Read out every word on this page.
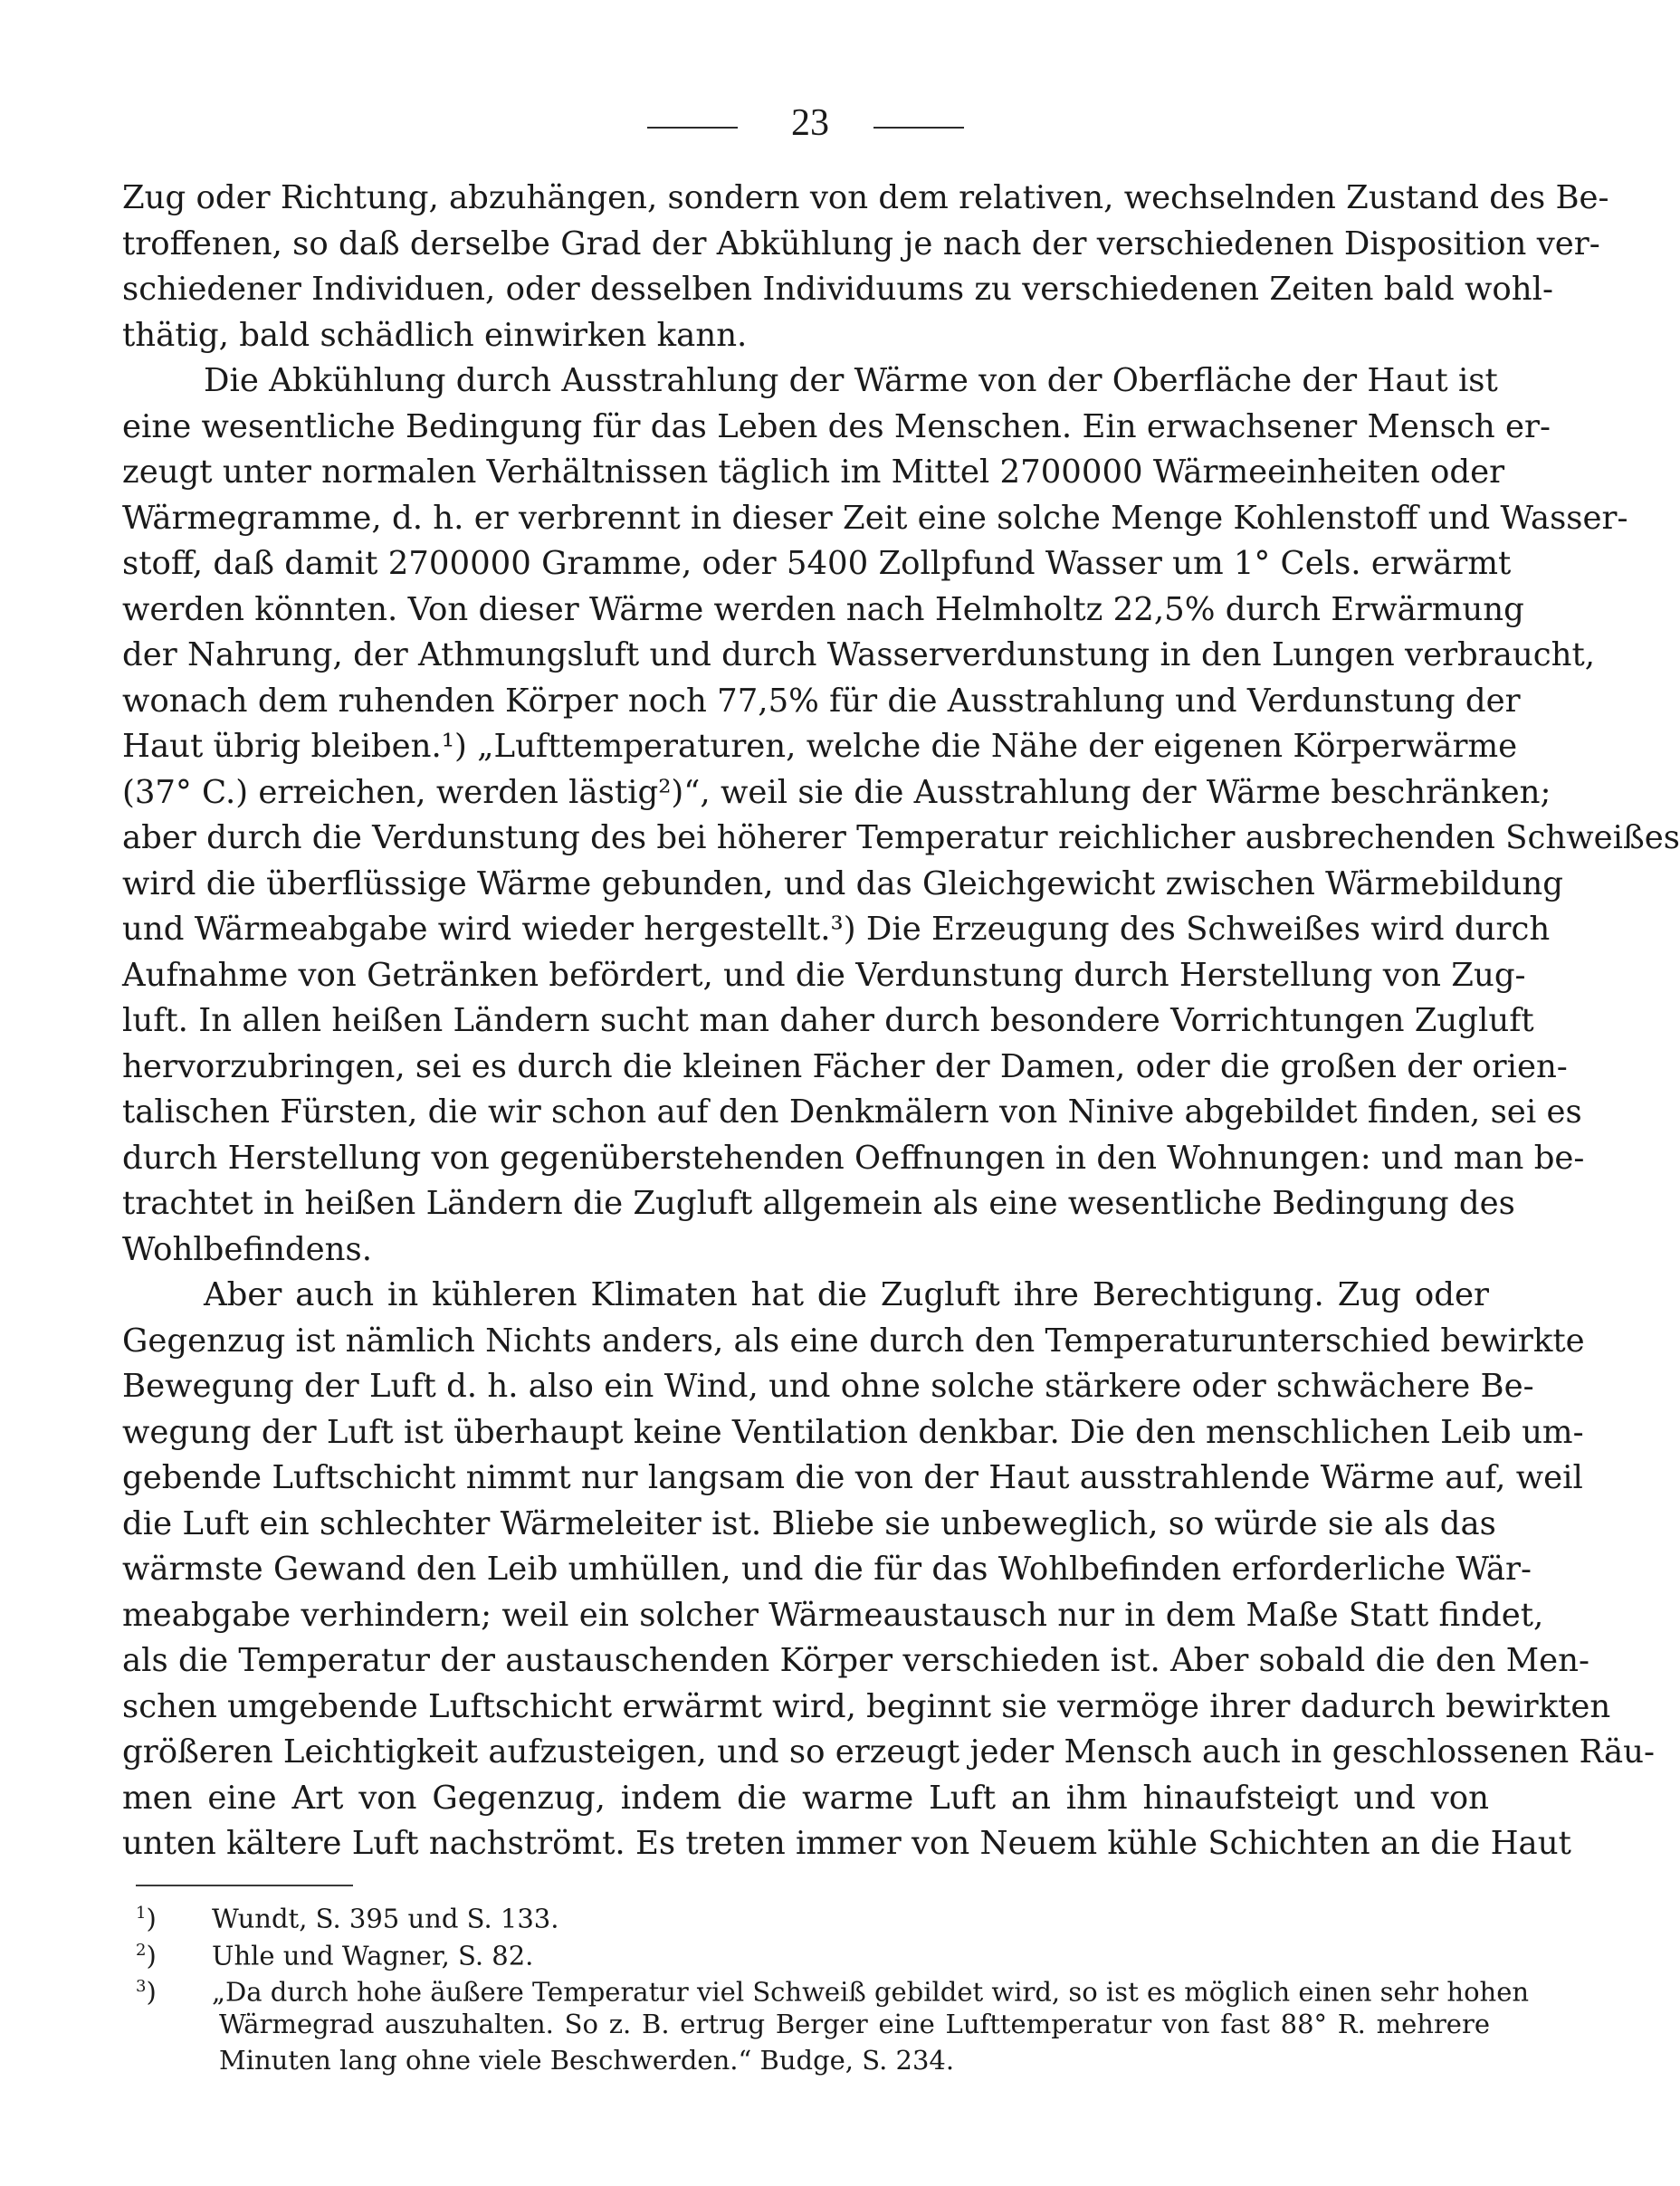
23
Zug oder Richtung, abzuhängen, sondern von dem relativen, wechselnden Zustand des Be-
troffenen, so daß derselbe Grad der Abkühlung je nach der verschiedenen Disposition ver-
schiedener Individuen, oder desselben Individuums zu verschiedenen Zeiten bald wohl-
thätig, bald schädlich einwirken kann.
Die Abkühlung durch Ausstrahlung der Wärme von der Oberfläche der Haut ist
eine wesentliche Bedingung für das Leben des Menschen. Ein erwachsener Mensch er-
zeugt unter normalen Verhältnissen täglich im Mittel 2700000 Wärmeeinheiten oder
Wärmegramme, d. h. er verbrennt in dieser Zeit eine solche Menge Kohlenstoff und Wasser-
stoff, daß damit 2700000 Gramme, oder 5400 Zollpfund Wasser um 1° Cels. erwärmt
werden könnten. Von dieser Wärme werden nach Helmholtz 22,5% durch Erwärmung
der Nahrung, der Athmungsluft und durch Wasserverdunstung in den Lungen verbraucht,
wonach dem ruhenden Körper noch 77,5% für die Ausstrahlung und Verdunstung der
Haut übrig bleiben.¹) „Lufttemperaturen, welche die Nähe der eigenen Körperwärme
(37° C.) erreichen, werden lästig²)“, weil sie die Ausstrahlung der Wärme beschränken;
aber durch die Verdunstung des bei höherer Temperatur reichlicher ausbrechenden Schweißes
wird die überflüssige Wärme gebunden, und das Gleichgewicht zwischen Wärmebildung
und Wärmeabgabe wird wieder hergestellt.³) Die Erzeugung des Schweißes wird durch
Aufnahme von Getränken befördert, und die Verdunstung durch Herstellung von Zug-
luft. In allen heißen Ländern sucht man daher durch besondere Vorrichtungen Zugluft
hervorzubringen, sei es durch die kleinen Fächer der Damen, oder die großen der orien-
talischen Fürsten, die wir schon auf den Denkmälern von Ninive abgebildet finden, sei es
durch Herstellung von gegenüberstehenden Oeffnungen in den Wohnungen: und man be-
trachtet in heißen Ländern die Zugluft allgemein als eine wesentliche Bedingung des
Wohlbefindens.
Aber auch in kühleren Klimaten hat die Zugluft ihre Berechtigung. Zug oder
Gegenzug ist nämlich Nichts anders, als eine durch den Temperaturunterschied bewirkte
Bewegung der Luft d. h. also ein Wind, und ohne solche stärkere oder schwächere Be-
wegung der Luft ist überhaupt keine Ventilation denkbar. Die den menschlichen Leib um-
gebende Luftschicht nimmt nur langsam die von der Haut ausstrahlende Wärme auf, weil
die Luft ein schlechter Wärmeleiter ist. Bliebe sie unbeweglich, so würde sie als das
wärmste Gewand den Leib umhüllen, und die für das Wohlbefinden erforderliche Wär-
meabgabe verhindern; weil ein solcher Wärmeaustausch nur in dem Maße Statt findet,
als die Temperatur der austauschenden Körper verschieden ist. Aber sobald die den Men-
schen umgebende Luftschicht erwärmt wird, beginnt sie vermöge ihrer dadurch bewirkten
größeren Leichtigkeit aufzusteigen, und so erzeugt jeder Mensch auch in geschlossenen Räu-
men eine Art von Gegenzug, indem die warme Luft an ihm hinaufsteigt und von
unten kältere Luft nachströmt. Es treten immer von Neuem kühle Schichten an die Haut
$^1$) Wundt, S. 395 und S. 133.
$^2$) Uhle und Wagner, S. 82.
$^3$) „Da durch hohe äußere Temperatur viel Schweiß gebildet wird, so ist es möglich einen sehr hohen
Wärmegrad auszuhalten. So z. B. ertrug Berger eine Lufttemperatur von fast 88° R. mehrere
Minuten lang ohne viele Beschwerden.“ Budge, S. 234.
